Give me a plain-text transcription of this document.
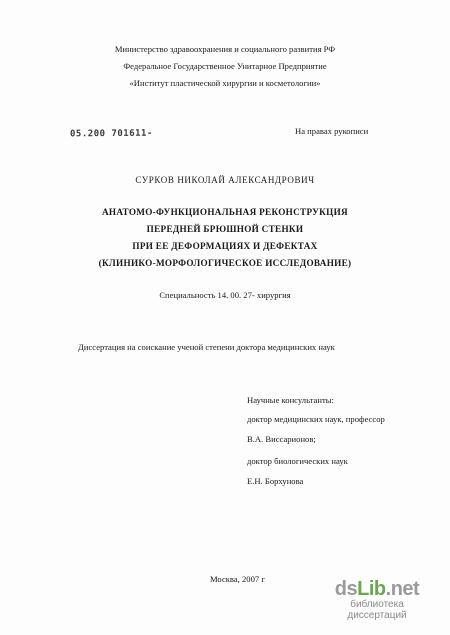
Министерство здравоохранения и социального развития РФ
Федеральное Государственное Унитарное Предприятие
«Институт пластической хирургии и косметологии»
05.200 701611-	На правах рукописи
СУРКОВ НИКОЛАЙ АЛЕКСАНДРОВИЧ
АНАТОМО-ФУНКЦИОНАЛЬНАЯ РЕКОНСТРУКЦИЯ
ПЕРЕДНЕЙ БРЮШНОЙ СТЕНКИ
ПРИ ЕЕ ДЕФОРМАЦИЯХ И ДЕФЕКТАХ
(КЛИНИКО-МОРФОЛОГИЧЕСКОЕ ИССЛЕДОВАНИЕ)
Специальность 14. 00. 27- хирургия
Диссертация на соискание ученой степени доктора медицинских наук
Научные консультанты:
доктор медицинских наук, профессор
В.А. Виссарионов;
доктор биологических наук
Е.Н. Борхунова
Москва, 2007 г	dsLib.net
библиотека диссертаций
